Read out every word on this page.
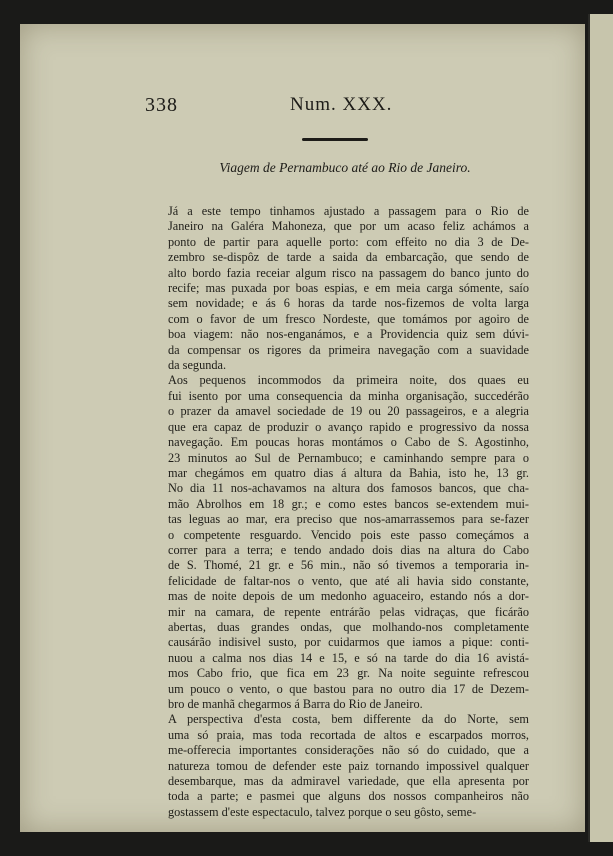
338	Num. XXX.
Viagem de Pernambuco até ao Rio de Janeiro.

Já a este tempo tinhamos ajustado a passagem para o Rio de
Janeiro na Galéra Mahoneza, que por um acaso feliz achámos a
ponto de partir para aquelle porto: com effeito no dia 3 de De-
zembro se-dispôz de tarde a saida da embarcação, que sendo de
alto bordo fazia receiar algum risco na passagem do banco junto do
recife; mas puxada por boas espias, e em meia carga sómente, saío
sem novidade; e ás 6 horas da tarde nos-fizemos de volta larga
com o favor de um fresco Nordeste, que tomámos por agoiro de
boa viagem: não nos-enganámos, e a Providencia quiz sem dúvi-
da compensar os rigores da primeira navegação com a suavidade
da segunda.

Aos pequenos incommodos da primeira noite, dos quaes eu
fui isento por uma consequencia da minha organisação, succedérão
o prazer da amavel sociedade de 19 ou 20 passageiros, e a alegria
que era capaz de produzir o avanço rapido e progressivo da nossa
navegação. Em poucas horas montámos o Cabo de S. Agostinho,
23 minutos ao Sul de Pernambuco; e caminhando sempre para o
mar chegámos em quatro dias á altura da Bahia, isto he, 13 gr.
No dia 11 nos-achavamos na altura dos famosos bancos, que cha-
mão Abrolhos em 18 gr.; e como estes bancos se-extendem mui-
tas leguas ao mar, era preciso que nos-amarrassemos para se-fazer
o competente resguardo. Vencido pois este passo começámos a
correr para a terra; e tendo andado dois dias na altura do Cabo
de S. Thomé, 21 gr. e 56 min., não só tivemos a temporaria in-
felicidade de faltar-nos o vento, que até ali havia sido constante,
mas de noite depois de um medonho aguaceiro, estando nós a dor-
mir na camara, de repente entrárão pelas vidraças, que ficárão
abertas, duas grandes ondas, que molhando-nos completamente
causárão indisivel susto, por cuidarmos que iamos a pique: conti-
nuou a calma nos dias 14 e 15, e só na tarde do dia 16 avistá-
mos Cabo frio, que fica em 23 gr. Na noite seguinte refrescou
um pouco o vento, o que bastou para no outro dia 17 de Dezem-
bro de manhã chegarmos á Barra do Rio de Janeiro.

A perspectiva d'esta costa, bem differente da do Norte, sem
uma só praia, mas toda recortada de altos e escarpados morros,
me-offerecia importantes considerações não só do cuidado, que a
natureza tomou de defender este paiz tornando impossivel qualquer
desembarque, mas da admiravel variedade, que ella apresenta por
toda a parte; e pasmei que alguns dos nossos companheiros não
gostassem d'este espectaculo, talvez porque o seu gôsto, seme-
